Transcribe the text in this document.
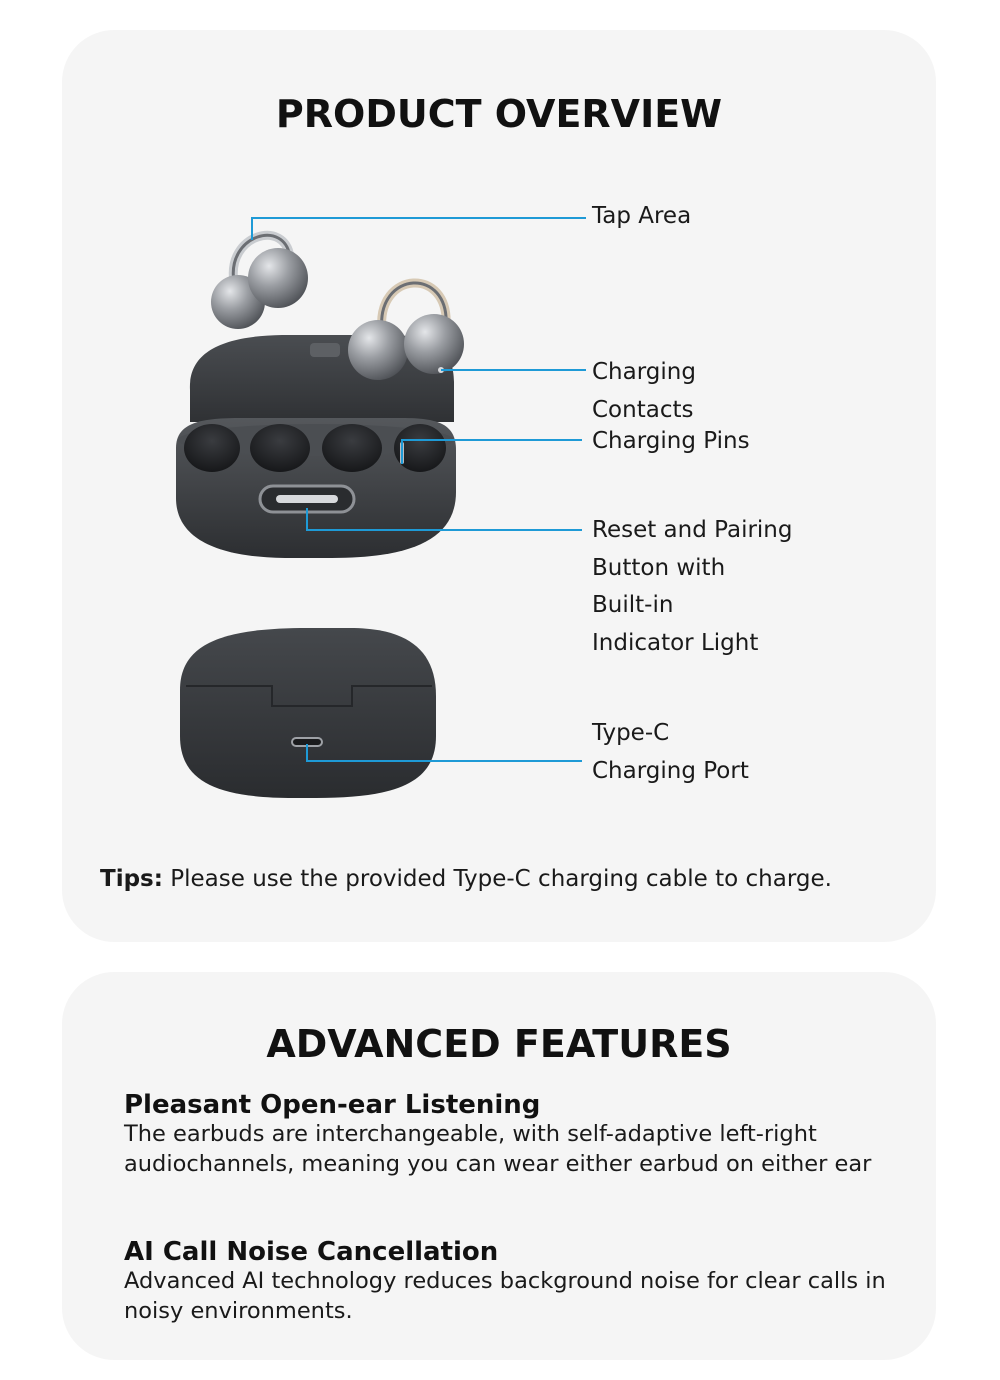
PRODUCT OVERVIEW
Tap Area
Charging
Contacts
Charging Pins
Reset and Pairing
Button with
Built-in
Indicator Light
Type-C
Charging Port
Tips: Please use the provided Type-C charging cable to charge.
ADVANCED FEATURES
Pleasant Open-ear Listening

The earbuds are interchangeable, with self-adaptive left-right audiochannels, meaning you can wear either earbud on either ear

AI Call Noise Cancellation

Advanced AI technology reduces background noise for clear calls in noisy environments.
